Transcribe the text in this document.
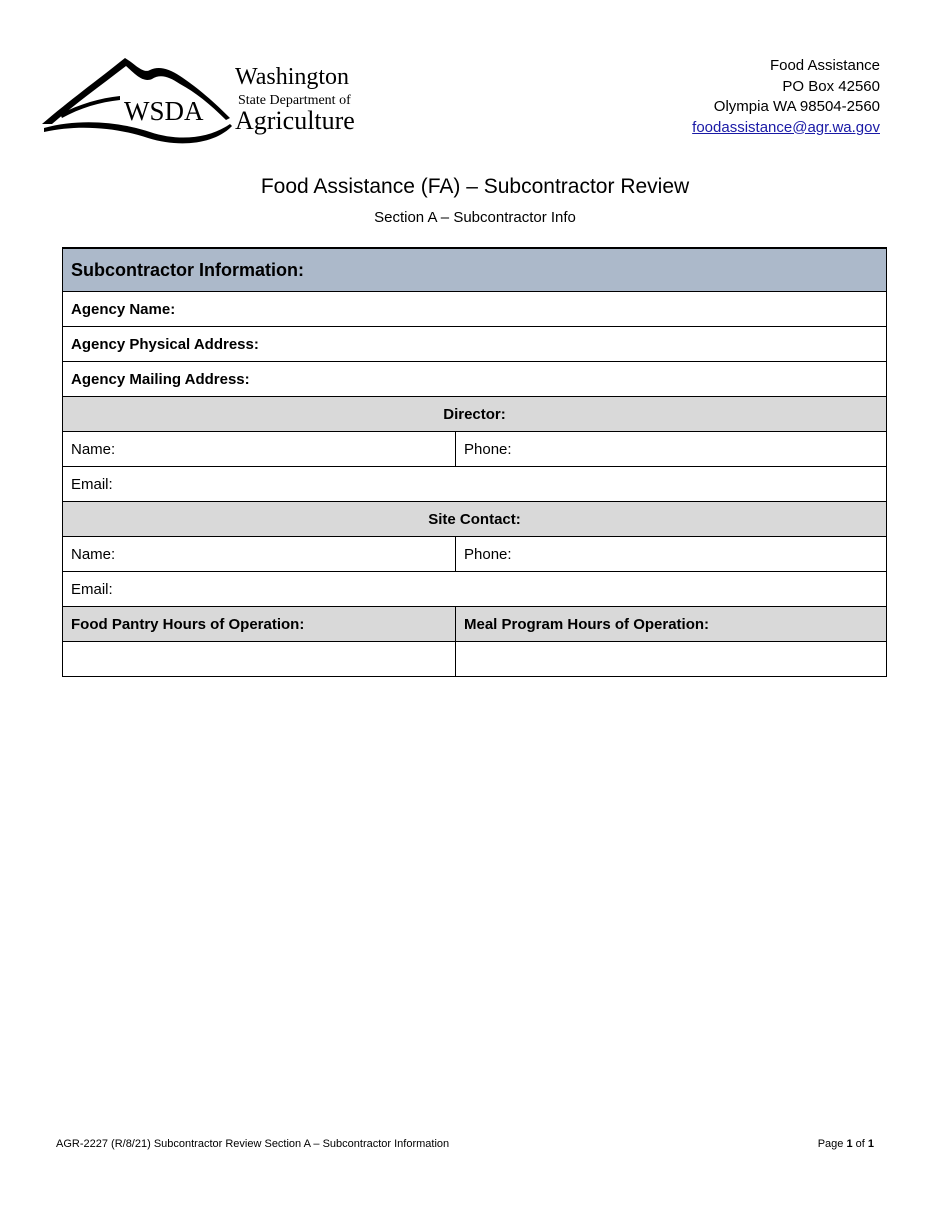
WSDA
Washington
State Department of
Agriculture
Food Assistance
PO Box 42560
Olympia WA 98504-2560
foodassistance@agr.wa.gov
Food Assistance (FA) – Subcontractor Review
Section A – Subcontractor Info
Subcontractor Information:	
Agency Name:	
Agency Physical Address:	
Agency Mailing Address:	
Director:	
Name:	Phone:
Email:	
Site Contact:	
Name:	Phone:
Email:	
Food Pantry Hours of Operation:	Meal Program Hours of Operation:

AGR-2227 (R/8/21) Subcontractor Review Section A – Subcontractor Information	Page 1 of 1
